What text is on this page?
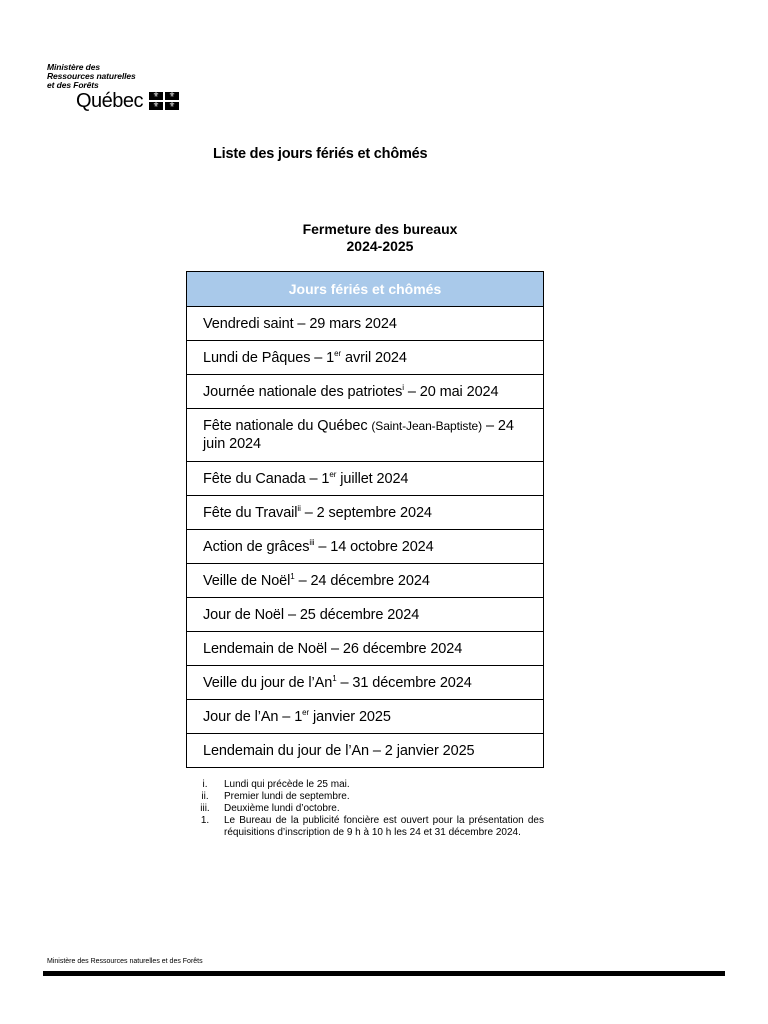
Ministère des
Ressources naturelles
et des Forêts
Québec	⚜	⚜
⚜	⚜
Liste des jours fériés et chômés
Fermeture des bureaux
2024-2025
Jours fériés et chômés
Vendredi saint – 29 mars 2024
Lundi de Pâques – 1er avril 2024
Journée nationale des patriotes$^i$ – 20 mai 2024
Fête nationale du Québec (Saint-Jean-Baptiste) – 24 juin 2024
Fête du Canada – 1er juillet 2024
Fête du Travail$^{ii}$ – 2 septembre 2024
Action de grâces$^{iii}$ – 14 octobre 2024
Veille de Noël$^1$ – 24 décembre 2024
Jour de Noël – 25 décembre 2024
Lendemain de Noël – 26 décembre 2024
Veille du jour de l’An$^1$ – 31 décembre 2024
Jour de l’An – 1er janvier 2025
Lendemain du jour de l’An – 2 janvier 2025
i.	Lundi qui précède le 25 mai.
ii.	Premier lundi de septembre.
iii.	Deuxième lundi d’octobre.
1.	Le Bureau de la publicité foncière est ouvert pour la présentation des réquisitions d’inscription de 9 h à 10 h les 24 et 31 décembre 2024.
Ministère des Ressources naturelles et des Forêts
